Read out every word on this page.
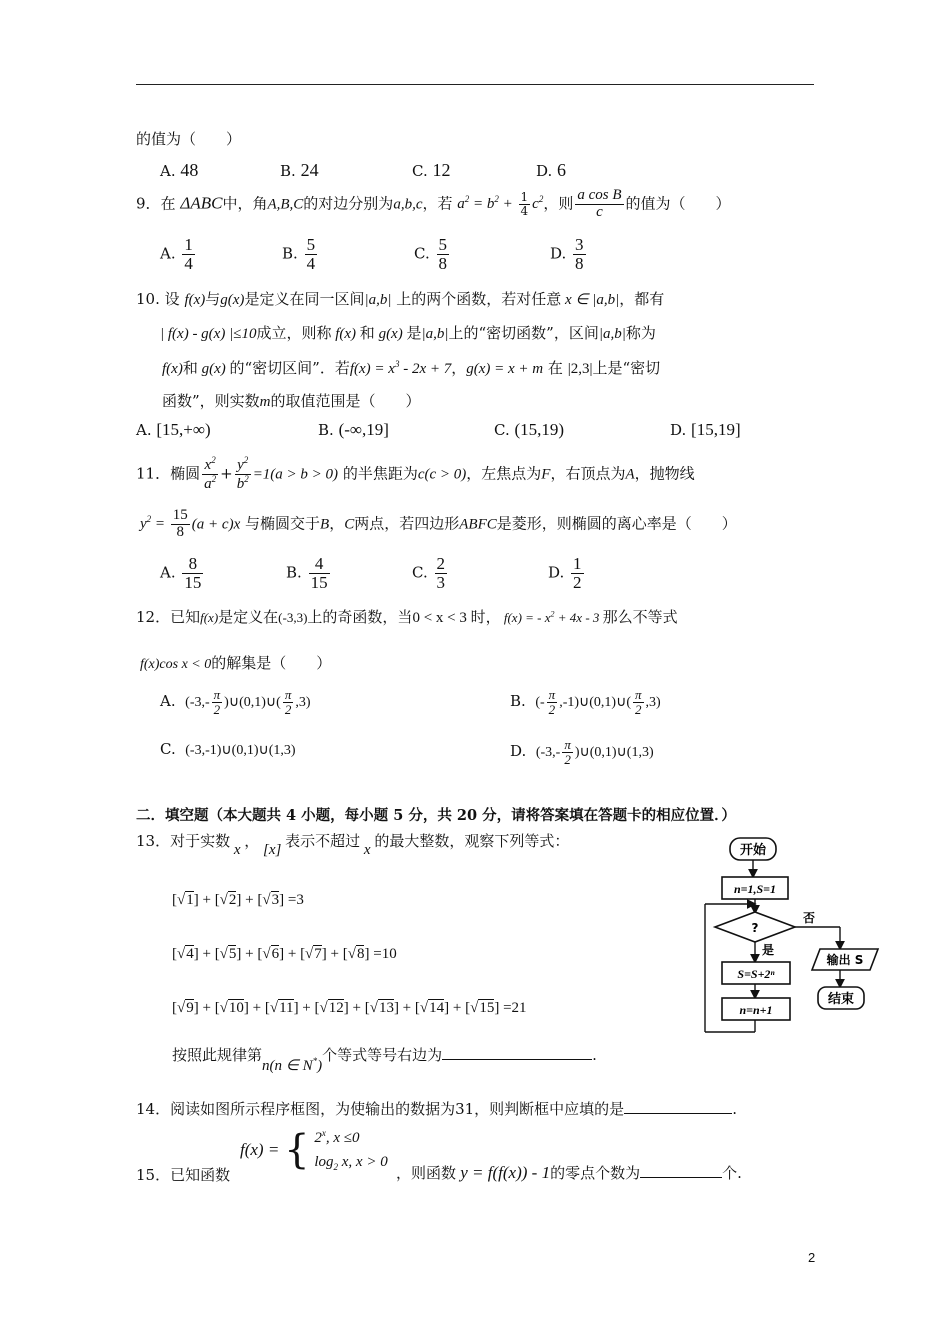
的值为（　　）
A. 48	B. 24	C. 12	D. 6
9．在 ΔABC中，角A,B,C的对边分别为a,b,c，若 $a^2 = b^2 + \frac{1}{4} c^2$，则 $\frac{\text{a cos B}}{c}$ 的值为（　　）
A. $\frac{1}{4}$	B. $\frac{5}{4}$	C. $\frac{5}{8}$	D. $\frac{3}{8}$
10. 设 f(x)与g(x)是定义在同一区间|a,b| 上的两个函数，若对任意 x ∈ |a,b|，都有
| f(x) - g(x) |≤10成立，则称 f(x) 和 g(x) 是|a,b|上的“密切函数”，区间|a,b|称为
f(x)和 g(x) 的“密切区间”．若$f(x) = x^3 - 2x + 7$，g(x) = x + m 在 |2,3|上是“密切
函数”，则实数m的取值范围是（　　）
A. [15,+∞)	B. (-∞,19]	C. (15,19)	D. [15,19]
11．椭圆 $\frac{x^2}{a^2} + \frac{y^2}{b^2} =1(a > b > 0)$ 的半焦距为c(c > 0)，左焦点为F，右顶点为A，抛物线
$y^2 = \frac{15}{8} (a + c)x$ 与椭圆交于B，C两点，若四边形ABFC是菱形，则椭圆的离心率是（　　）
A. $\frac{8}{15}$	B. $\frac{4}{15}$	C. $\frac{2}{3}$	D. $\frac{1}{2}$
12．已知f(x)是定义在(-3,3)上的奇函数，当0 < x < 3 时， f(x) = - $x^2 + 4x - 3$ 那么不等式
f(x)cos x < 0的解集是（　　）
A. ($-3,- \frac{\pi}{2}$ )∪(0,1)∪( $\frac{\pi}{2} ,3$)	B. (- $\frac{\pi}{2}$ ,-1)∪(0,1)∪( $\frac{\pi}{2} ,3$)
C. (-3,-1)∪(0,1)∪(1,3)	D. ($-3,- \frac{\pi}{2}$ )∪(0,1)∪(1,3)
二．填空题（本大题共 4 小题，每小题 5 分，共 20 分，请将答案填在答题卡的相应位置．）
13．对于实数 x ， [x] 表示不超过 x 的最大整数，观察下列等式：
[√1] + [√2] + [√3] =3
[√4] + [√5] + [√6] + [√7] + [√8] =10
[√9] + [√10] + [√11] + [√12] + [√13] + [√14] + [√15] =21
按照此规律第n(n ∈ N*)个等式等号右边为	.
14．阅读如图所示程序框图，为使输出的数据为31，则判断框中应填的是	.
f(x) = { 2$^x$, x ≤0
$\log_2 x$, x > 0
15．已知函数	，则函数 y = f(f(x)) - 1的零点个数为	个.
开始
n=1,S=1
?
否
输出 S
结束
是
S=S+2ⁿ
n=n+1
2
